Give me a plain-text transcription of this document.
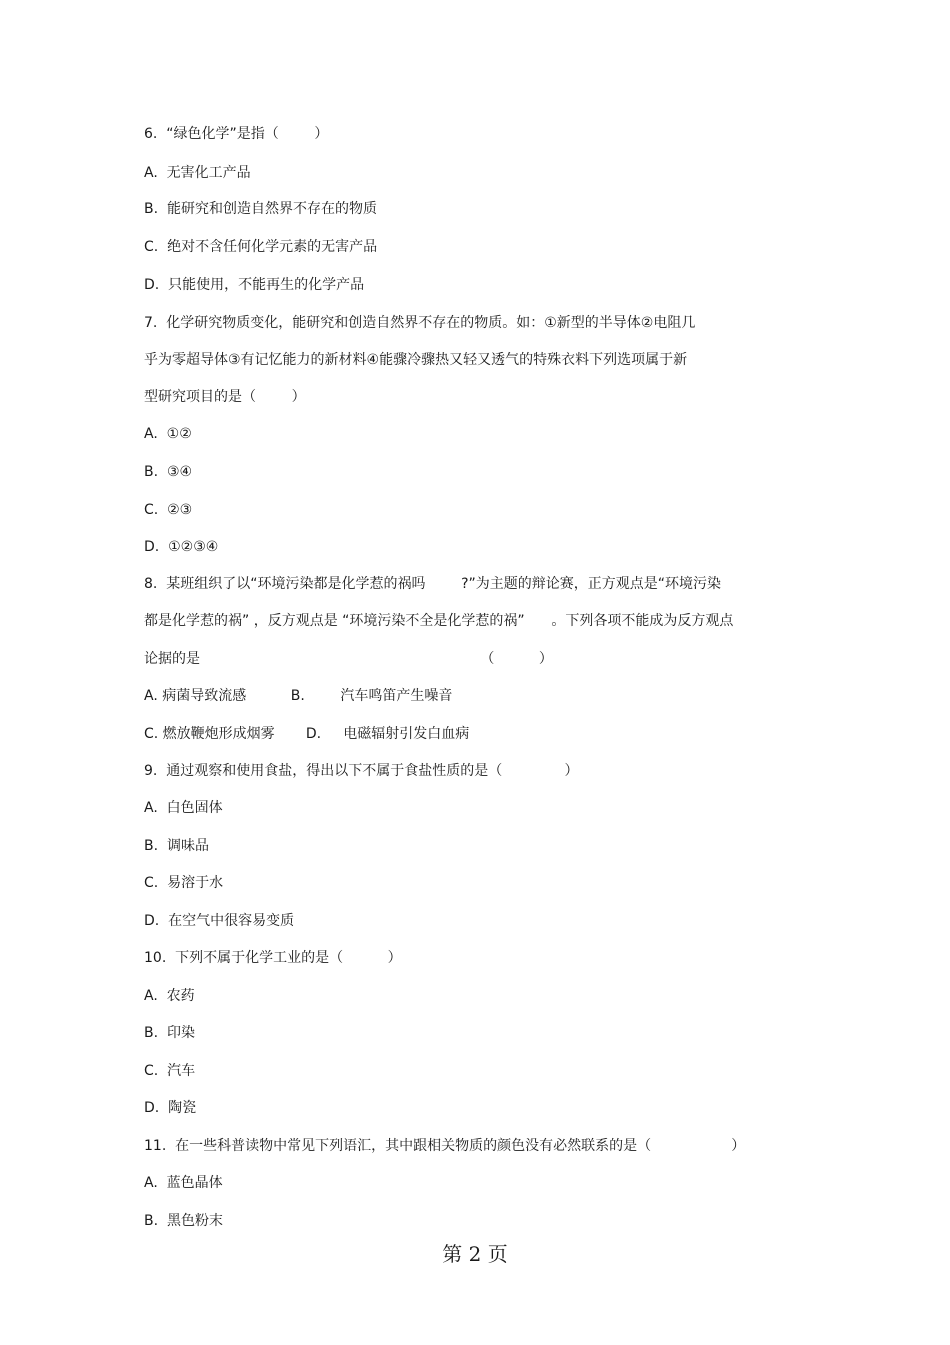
6.  “绿色化学”是指（        ）
A.  无害化工产品
B.  能研究和创造自然界不存在的物质
C.  绝对不含任何化学元素的无害产品
D.  只能使用，不能再生的化学产品
7.  化学研究物质变化，能研究和创造自然界不存在的物质。如：①新型的半导体②电阻几
乎为零超导体③有记忆能力的新材料④能骤冷骤热又轻又透气的特殊衣料下列选项属于新
型研究项目的是（        ）
A.  ①②
B.  ③④
C.  ②③
D.  ①②③④
8.  某班组织了以“环境污染都是化学惹的祸吗        ?”为主题的辩论赛，正方观点是“环境污染
都是化学惹的祸” ，反方观点是 “环境污染不全是化学惹的祸”      。下列各项不能成为反方观点
论据的是                                                               （          ）
A. 病菌导致流感          B.        汽车鸣笛产生噪音
C. 燃放鞭炮形成烟雾       D.     电磁辐射引发白血病
9.  通过观察和使用食盐，得出以下不属于食盐性质的是（              ）
A.  白色固体
B.  调味品
C.  易溶于水
D.  在空气中很容易变质
10.  下列不属于化学工业的是（          ）
A.  农药
B.  印染
C.  汽车
D.  陶瓷
11.  在一些科普读物中常见下列语汇，其中跟相关物质的颜色没有必然联系的是（                  ）
A.  蓝色晶体
B.  黑色粉末
第 2 页
